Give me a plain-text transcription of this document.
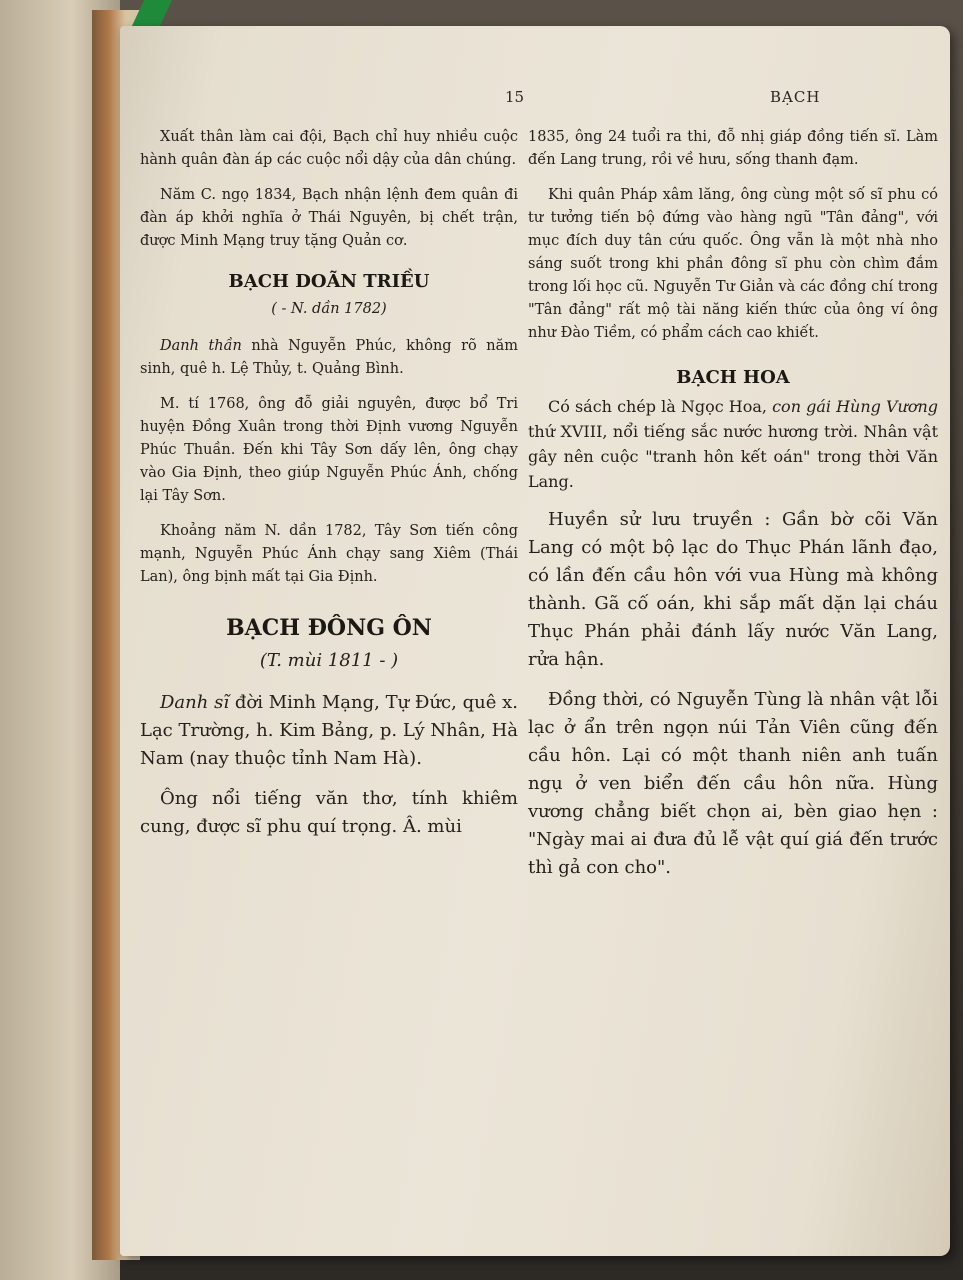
15	BẠCH

Xuất thân làm cai đội, Bạch chỉ huy nhiều cuộc hành quân đàn áp các cuộc nổi dậy của dân chúng.

Năm C. ngọ 1834, Bạch nhận lệnh đem quân đi đàn áp khởi nghĩa ở Thái Nguyên, bị chết trận, được Minh Mạng truy tặng Quản cơ.

BẠCH DOÃN TRIỀU

( - N. dần 1782)

Danh thần nhà Nguyễn Phúc, không rõ năm sinh, quê h. Lệ Thủy, t. Quảng Bình.

M. tí 1768, ông đỗ giải nguyên, được bổ Tri huyện Đồng Xuân trong thời Định vương Nguyễn Phúc Thuần. Đến khi Tây Sơn dấy lên, ông chạy vào Gia Định, theo giúp Nguyễn Phúc Ánh, chống lại Tây Sơn.

Khoảng năm N. dần 1782, Tây Sơn tiến công mạnh, Nguyễn Phúc Ánh chạy sang Xiêm (Thái Lan), ông bịnh mất tại Gia Định.

BẠCH ĐÔNG ÔN

(T. mùi 1811 - )

Danh sĩ đời Minh Mạng, Tự Đức, quê x. Lạc Trường, h. Kim Bảng, p. Lý Nhân, Hà Nam (nay thuộc tỉnh Nam Hà).

Ông nổi tiếng văn thơ, tính khiêm cung, được sĩ phu quí trọng. Â. mùi

1835, ông 24 tuổi ra thi, đỗ nhị giáp đồng tiến sĩ. Làm đến Lang trung, rồi về hưu, sống thanh đạm.

Khi quân Pháp xâm lăng, ông cùng một số sĩ phu có tư tưởng tiến bộ đứng vào hàng ngũ "Tân đảng", với mục đích duy tân cứu quốc. Ông vẫn là một nhà nho sáng suốt trong khi phần đông sĩ phu còn chìm đắm trong lối học cũ. Nguyễn Tư Giản và các đồng chí trong "Tân đảng" rất mộ tài năng kiến thức của ông ví ông như Đào Tiềm, có phẩm cách cao khiết.

BẠCH HOA

Có sách chép là Ngọc Hoa, con gái Hùng Vương thứ XVIII, nổi tiếng sắc nước hương trời. Nhân vật gây nên cuộc "tranh hôn kết oán" trong thời Văn Lang.

Huyền sử lưu truyền : Gần bờ cõi Văn Lang có một bộ lạc do Thục Phán lãnh đạo, có lần đến cầu hôn với vua Hùng mà không thành. Gã cố oán, khi sắp mất dặn lại cháu Thục Phán phải đánh lấy nước Văn Lang, rửa hận.

Đồng thời, có Nguyễn Tùng là nhân vật lỗi lạc ở ẩn trên ngọn núi Tản Viên cũng đến cầu hôn. Lại có một thanh niên anh tuấn ngụ ở ven biển đến cầu hôn nữa. Hùng vương chẳng biết chọn ai, bèn giao hẹn : "Ngày mai ai đưa đủ lễ vật quí giá đến trước thì gả con cho".
